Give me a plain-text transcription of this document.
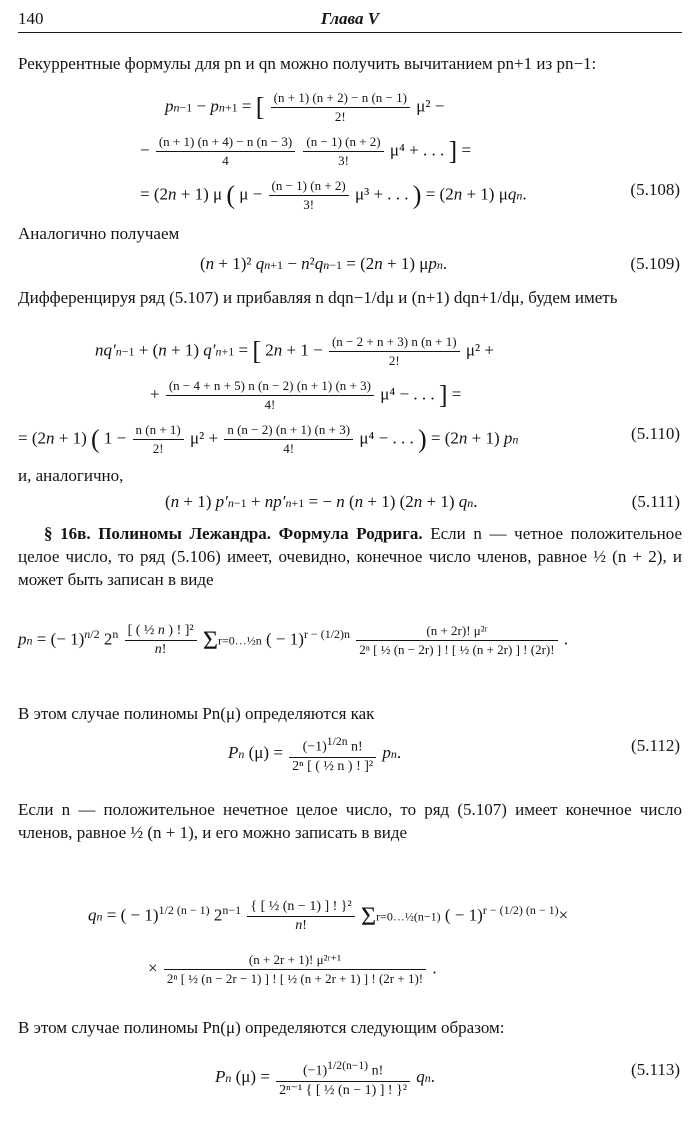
140	Глава V
Рекуррентные формулы для pn и qn можно получить вычитанием pn+1 из pn−1:
pn−1 − pn+1 = [ $\frac{(n + 1) (n + 2) - n (n - 1)}{2!} \mu^2$ −
− $\frac{(n + 1) (n + 4) - n (n - 3)}{4}$
$\frac{(n - 1) (n + 2)}{3!} \mu^4$ + . . . ] =
= (2n + 1) μ ( $\mu - \frac{(n - 1) (n + 2)}{3!} \mu^3$ + . . . ) = (2n + 1) μqn.	(5.108)
Аналогично получаем
(n + 1)² qn+1 − n²qn−1 = (2n + 1) μpn.	(5.109)
Дифференцируя ряд (5.107) и прибавляя n dqn−1/dμ и (n+1) dqn+1/dμ, будем иметь
nq′n−1 + (n + 1) q′n+1 = [ $2n + 1 - \frac{(n - 2 + n + 3) n (n + 1)}{2!} \mu^2$ +
+ $\frac{(n - 4 + n + 5) n (n - 2) (n + 1) (n + 3)}{4!} \mu^4$ − . . . ] =
= (2n + 1) ( $1 - \frac{n (n + 1)}{2!} \mu^2 + \frac{n (n - 2) (n + 1) (n + 3)}{4!} \mu^4$ − . . . ) = (2n + 1) pn	(5.110)
и, аналогично,
(n + 1) p′n−1 + np′n+1 = − n (n + 1) (2n + 1) qn.	(5.111)
§ 16в. Полиномы Лежандра. Формула Родрига. Если n — четное положительное целое число, то ряд (5.106) имеет, очевидно, конечное число членов, равное ½ (n + 2), и может быть записан в виде
pn = (− 1)$^{n/2}$ $2^n \frac{\text{[ ( ½ n ) ! ]²}}{n!}$ Σr=0…½n ( − $1)^{r - (1/2)n} \frac{\text{(n + 2r)! μ²ʳ}}{\text{2ⁿ [ ½ (n − 2r) ] ! [ ½ (n + 2r) ] ! (2r)!}}$ .
В этом случае полиномы Pn(μ) определяются как
Pn $(\mu) = \frac{(-1)^{1/2n} n!}{\text{2ⁿ [ ( ½ n ) ! ]²}}$ pn.	(5.112)
Если n — положительное нечетное целое число, то ряд (5.107) имеет конечное число членов, равное ½ (n + 1), и его можно записать в виде
qn = ( − 1)$^{1/2 (n - 1)}$ $2^{n-1} \frac{\text{\{ [ ½ (n − 1) ] ! \}²}}{n!}$ Σr=0…½(n−1) ( − 1)$^{r - (1/2) (n - 1)}$×
× $\frac{\text{(n + 2r + 1)! μ²ʳ⁺¹}}{\text{2ⁿ [ ½ (n − 2r − 1) ] ! [ ½ (n + 2r + 1) ] ! (2r + 1)!}}$ .
В этом случае полиномы Pn(μ) определяются следующим образом:
Pn $(\mu) = \frac{(-1)^{1/2(n-1)} n!}{\text{2ⁿ⁻¹ \{ [ ½ (n − 1) ] ! \}²}}$ qn.	(5.113)
